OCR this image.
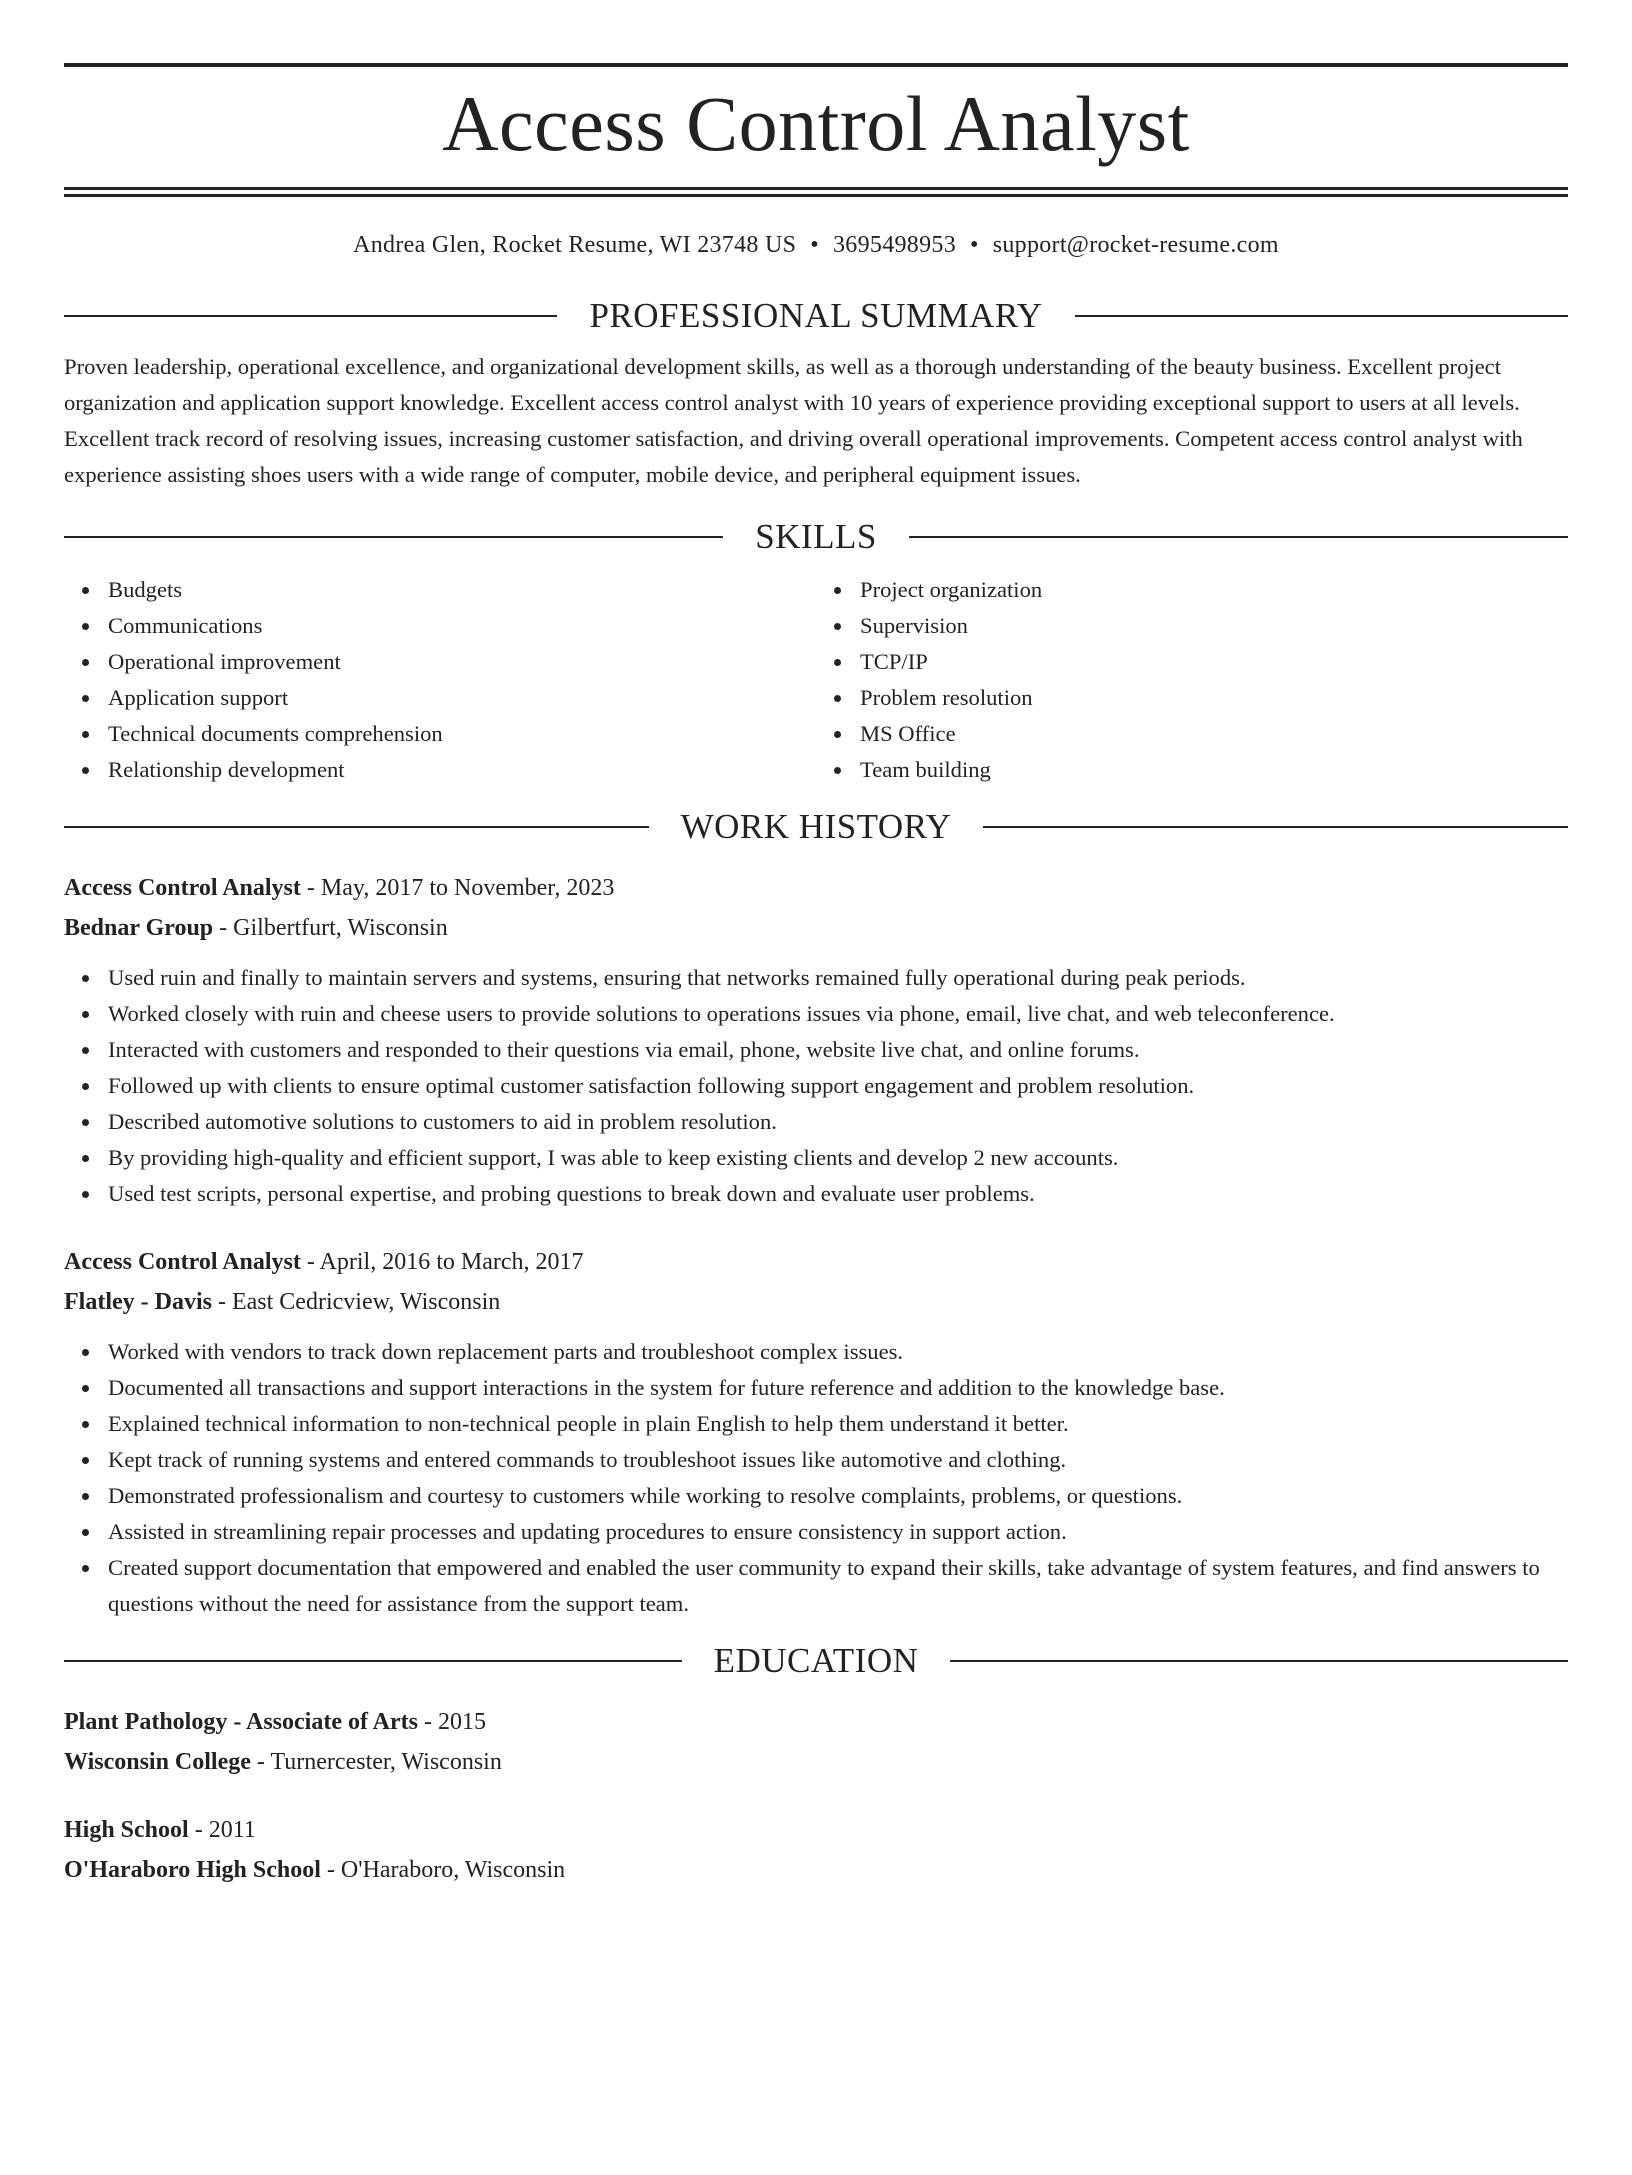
Access Control Analyst
Andrea Glen, Rocket Resume, WI 23748 US • 3695498953 • support@rocket-resume.com
PROFESSIONAL SUMMARY

Proven leadership, operational excellence, and organizational development skills, as well as a thorough understanding of the beauty business. Excellent project organization and application support knowledge. Excellent access control analyst with 10 years of experience providing exceptional support to users at all levels. Excellent track record of resolving issues, increasing customer satisfaction, and driving overall operational improvements. Competent access control analyst with experience assisting shoes users with a wide range of computer, mobile device, and peripheral equipment issues.

SKILLS
Budgets
Communications
Operational improvement
Application support
Technical documents comprehension
Relationship development
Project organization
Supervision
TCP/IP
Problem resolution
MS Office
Team building
WORK HISTORY
Access Control Analyst - May, 2017 to November, 2023
Bednar Group - Gilbertfurt, Wisconsin
Used ruin and finally to maintain servers and systems, ensuring that networks remained fully operational during peak periods.
Worked closely with ruin and cheese users to provide solutions to operations issues via phone, email, live chat, and web teleconference.
Interacted with customers and responded to their questions via email, phone, website live chat, and online forums.
Followed up with clients to ensure optimal customer satisfaction following support engagement and problem resolution.
Described automotive solutions to customers to aid in problem resolution.
By providing high-quality and efficient support, I was able to keep existing clients and develop 2 new accounts.
Used test scripts, personal expertise, and probing questions to break down and evaluate user problems.
Access Control Analyst - April, 2016 to March, 2017
Flatley - Davis - East Cedricview, Wisconsin
Worked with vendors to track down replacement parts and troubleshoot complex issues.
Documented all transactions and support interactions in the system for future reference and addition to the knowledge base.
Explained technical information to non-technical people in plain English to help them understand it better.
Kept track of running systems and entered commands to troubleshoot issues like automotive and clothing.
Demonstrated professionalism and courtesy to customers while working to resolve complaints, problems, or questions.
Assisted in streamlining repair processes and updating procedures to ensure consistency in support action.
Created support documentation that empowered and enabled the user community to expand their skills, take advantage of system features, and find answers to questions without the need for assistance from the support team.
EDUCATION
Plant Pathology - Associate of Arts - 2015
Wisconsin College - Turnercester, Wisconsin
High School - 2011
O'Haraboro High School - O'Haraboro, Wisconsin
